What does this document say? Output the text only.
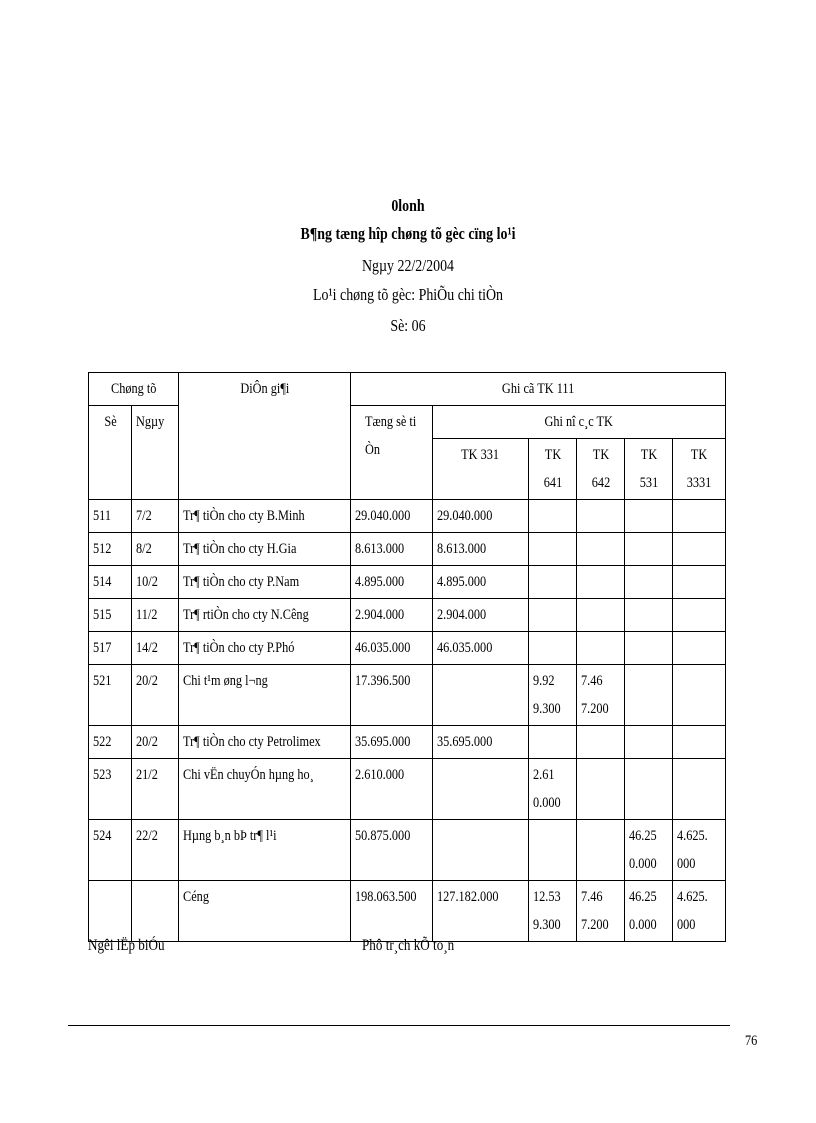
0lonh
B¶ng tæng hîp chøng tõ gèc cïng lo¹i
Ngµy 22/2/2004
Lo¹i chøng tõ gèc: PhiÕu chi tiÒn
Sè: 06
Chøng tõ		DiÔn gi¶i	Ghi cã TK 111					
Sè	Ngµy		Tæng sè tiÒn	Ghi nî c¸c TK				
				TK 331	TK 641	TK 642	TK 531	TK 3331
511	7/2	Tr¶ tiÒn cho cty B.Minh	29.040.000	29.040.000				
512	8/2	Tr¶ tiÒn cho cty H.Gia	8.613.000	8.613.000				
514	10/2	Tr¶ tiÒn cho cty P.Nam	4.895.000	4.895.000				
515	11/2	Tr¶ rtiÒn cho cty N.Cêng	2.904.000	2.904.000				
517	14/2	Tr¶ tiÒn cho cty P.Phó	46.035.000	46.035.000				
521	20/2	Chi t¹m øng l¬ng	17.396.500		9.929.300	7.467.200		
522	20/2	Tr¶ tiÒn cho cty Petrolimex	35.695.000	35.695.000				
523	21/2	Chi vËn chuyÓn hµng ho¸	2.610.000		2.610.000			
524	22/2	Hµng b¸n bÞ tr¶ l¹i	50.875.000				46.250.000	4.625.000
		Céng	198.063.500	127.182.000	12.539.300	7.467.200	46.250.000	4.625.000
Ngêi lËp biÓu	Phô tr¸ch kÕ to¸n
76
